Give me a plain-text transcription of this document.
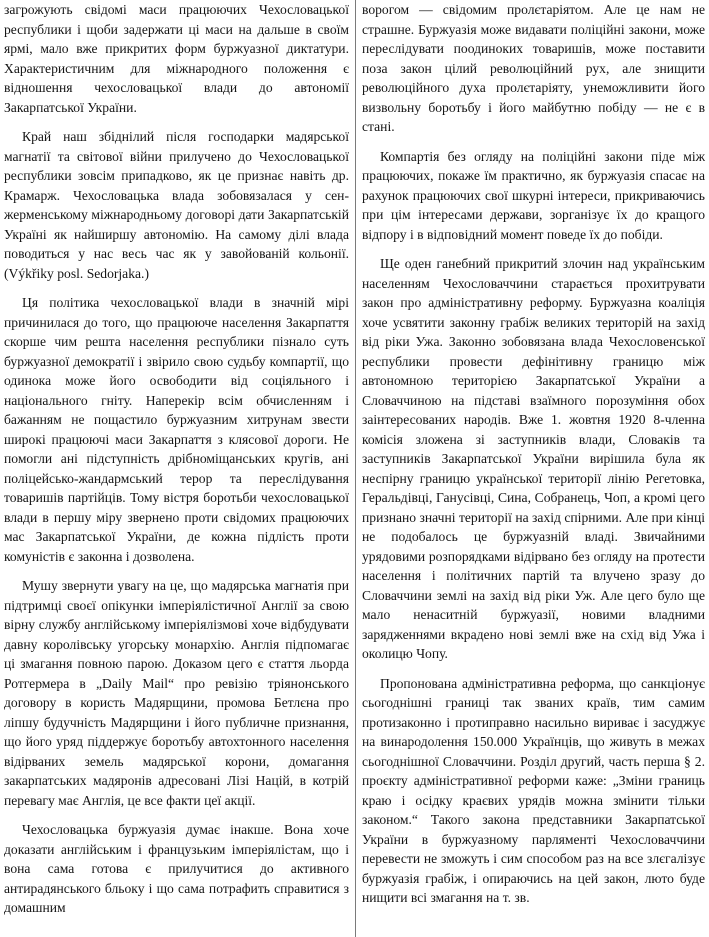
загрожують свідомі маси працюючих Чехословацької республики і щоби задержати ці маси на дальше в своїм ярмі, мало вже прикритих форм буржуазної диктатури. Характеристичним для міжнародного положення є відношення чехословацької влади до автономії Закарпатської України.

Край наш збіднілий після господарки мадярської магнатії та світової війни прилучено до Чехословацької республики зовсім припадково, як це признає навіть др. Крамарж. Чехословацька влада зобовязалася у сен-жерменському міжнародньому договорі дати Закарпатській Україні як найширшу автономію. На самому ділі влада поводиться у нас весь час як у завойованій кольонії. (Výkřiky posl. Sedorjaka.)

Ця політика чехословацької влади в значній мірі причинилася до того, що працююче населення Закарпаття скорше чим решта населення республики пізнало суть буржуазної демократії і звірило свою судьбу компартії, що одинока може його освободити від соціяльного і національного гніту. Наперекір всім обчисленням і бажанням не пощастило буржуазним хитрунам звести широкі працюючі маси Закарпаття з клясової дороги. Не помогли ані підступність дрібноміщанських кругів, ані поліцейсько-жандармський терор та переслідування товаришів партійців. Тому вістря боротьби чехословацької влади в першу міру звернено проти свідомих працюючих мас Закарпатської України, де кожна підлість проти комуністів є законна і дозволена.

Мушу звернути увагу на це, що мадярська магнатія при підтримці своєї опікунки імперіялістичної Англії за свою вірну службу англійському імперіялізмові хоче відбудувати давну королівську угорську монархію. Англія підпомагає ці змагання повною парою. Доказом цего є стаття льорда Ротгермера в „Daily Mail“ про ревізію тріянонського договору в користь Мадярщини, промова Бетлєна про ліпшу будучність Мадярщини і його публичне признання, що його уряд піддержує боротьбу автохтонного населення відірваних земель мадярської корони, домагання закарпатських мадяронів адресовані Лізі Націй, в котрій перевагу має Англія, це все факти цеї акції.

Чехословацька буржуазія думає інакше. Вона хоче доказати англійським і французьким імперіялістам, що і вона сама готова є прилучитися до активного антирадянського бльоку і що сама потрафить справитися з домашним

ворогом — свідомим пролєтаріятом. Але це нам не страшне. Буржуазія може видавати поліційні закони, може переслідувати поодиноких товаришів, може поставити поза закон цілий революційний рух, але знищити революційного духа пролєтаріяту, унеможливити його визвольну боротьбу і його майбутню побіду — не є в стані.

Компартія без огляду на поліційні закони піде між працюючих, покаже їм практично, як буржуазія спасає на рахунок працюючих свої шкурні інтереси, прикриваючись при цім інтересами держави, зорганізує їх до кращого відпору і в відповідний момент поведе їх до побіди.

Ще оден ганебний прикритий злочин над українським населенням Чехословаччини старається прохитрувати закон про адміністративну реформу. Буржуазна коаліція хоче усвятити законну грабіж великих територій на захід від ріки Ужа. Законно зобовязана влада Чехословенської республики провести дефінітивну границю між автономною територією Закарпатської України а Словаччиною на підставі взаїмного порозуміння обох заінтересованих народів. Вже 1. жовтня 1920 8-членна комісія зложена зі заступників влади, Словаків та заступників Закарпатської України вирішила була як неспірну границю української території лінію Регетовка, Геральдівці, Ганусівці, Сина, Собранець, Чоп, а кромі цего признано значні території на захід спірними. Але при кінці не подобалось це буржуазній владі. Звичайними урядовими розпорядками відірвано без огляду на протести населення і політичних партій та влучено зразу до Словаччини землі на захід від ріки Уж. Але цего було ще мало ненаситній буржуазії, новими владними зарядженнями вкрадено нові землі вже на схід від Ужа і околицю Чопу.

Пропонована адміністративна реформа, що санкціонує сьогоднішні границі так званих країв, тим самим протизаконно і протиправно насильно вириває і засуджує на винародолення 150.000 Українців, що живуть в межах сьогоднішної Словаччини. Розділ другий, часть перша § 2. проєкту адміністративної реформи каже: „Зміни границь краю і осідку краєвих урядів можна змінити тільки законом.“ Такого закона представники Закарпатської України в буржуазному парляменті Чехословаччини перевести не зможуть і сим способом раз на все злєгалізує буржуазія грабіж, і опираючись на цей закон, люто буде нищити всі змагання на т. зв.
